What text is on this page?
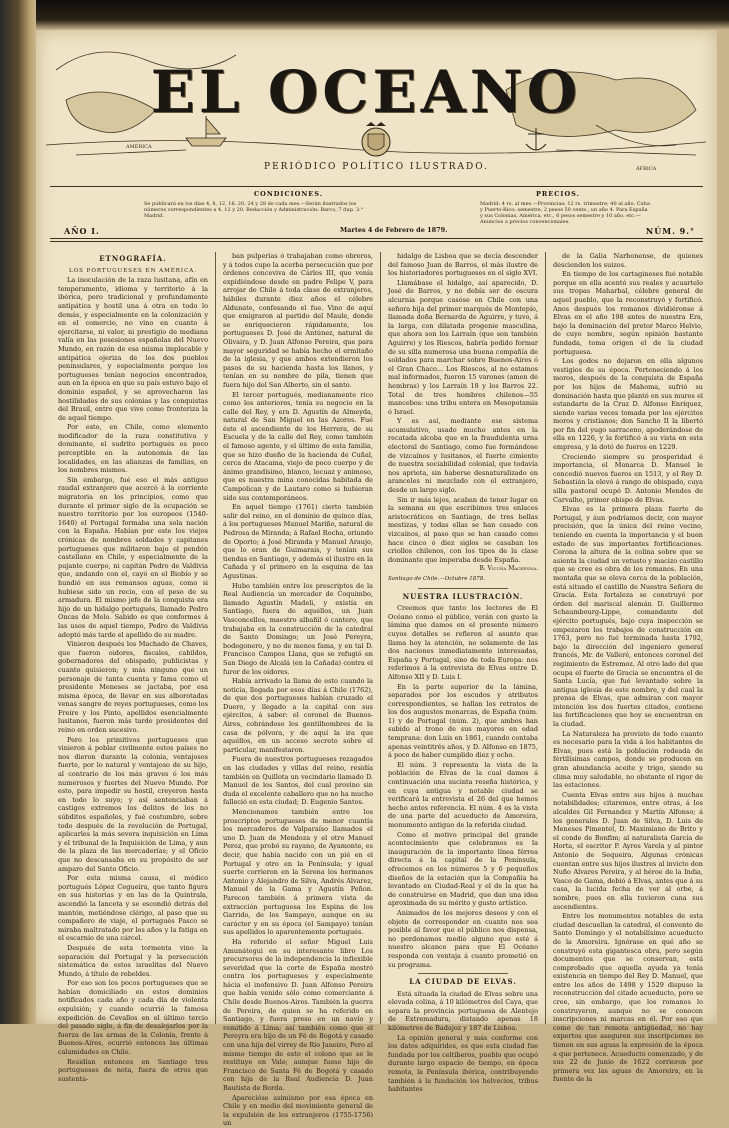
AMÉRICA
ÁFRICA
EL OCEANO
PERIÓDICO POLÍTICO ILUSTRADO.
CONDICIONES.
Se publicará en los días 4, 8, 12, 16, 20, 24 y 28 de cada mes.—Serán ilustrados los números correspondientes a 4, 12 y 20. Redacción y Administración: Barco, 7 dup. 3.° Madrid.
PRECIOS.
Madrid: 4 rs. al mes.—Provincias: 12 rs. trimestre; 40 al año. Cuba y Puerto-Rico: semestre, 2 pesos 50 cents., un año 4. Para España y sus Colonias, América, etc., 6 pesos semestre y 10 año, etc.—Anuncios a precios convencionales.
AÑO I.	Martes 4 de Febrero de 1879.	NÚM. 9.°
ETNOGRAFÍA.

LOS PORTUGUESES EN AMÉRICA.

La inoculación de la raza lusitana, afín en temperamento, idioma y territorio á la ibérica, pero tradicional y profundamente antipática y hostil una á otra en todo lo demás, y especialmente en la colonización y en el comercio, no vino en cuanto á ejercitarse, ni valor, ni prestigio de mediana valía en las posesiones españolas del Nuevo Mundo, en razón de esa misma implacable y antipática ojeriza de los dos pueblos peninsulares, y especialmente porque los portugueses tenían negocios encontrados, aun en la época en que su país estuvo bajo el dominio español, y se aprovecharon las hostilidades de sus colonias y las conquistas del Brasil, entre que vive como fronteriza la de aquel tiempo.

Por esto, en Chile, como elemento modificador de la raza constitutiva y dominante, el sudrito portugués es poco perceptible en la autonomía de las localidades, en las alianzas de familias, en los nombres mismos.

Sin embargo, fué eso el más antiguo raudal extranjero que acercó á la corriente migratoria en los principios, como que durante el primer siglo de la ocupación se nuestro territorio por los europeos (1540-1640) el Portugal formaba una sola nación con la España. Habían por este los viejos crónicas de nombres soldados y capitanes portugueses que militaron bajo el pendón castellano en Chile, y especialmente de la pujante cuerpo, ni capitán Pedro de Valdivia que, andando con el, cayó en el Biobío y se hundió en sus remansos aguas, como si hubiese sido un recio, con el peso de su armadura. El mismo jefe de la conquista era hijo de un hidalgo portugués, llamado Pedro Oncas de Melo. Sabido es que conformes á las usos de aquel tiempo, Pedro de Valdivia adoptó más tarde el apellido de su madre.

Vinieron después los Machado de Chaves, que fueron oidores, fiscales, cabildos, gobernadores del obispado, publicistas y cuanto quisieron; y más ninguno que un personaje de tanta cuenta y fama como el presidente Meneses se jactaba, por esa misma época, de llevar en sus alborotadas venas sangre de reyes portugueses, como los Freire y los Pinto, apellidos esencialmente lusitanos, fueron más tarde presidentes del reino en orden sucesivo.

Pero los primitivos portugueses que vinieron á poblar civilmente estos países no nos dieron durante la colonia, ventajosos fuerte, por lo natural y ventajoso de su hijo, al contrario de los más graves ó los más numerosos y fuertes del Nuevo Mundo. Por esto, para impedir su hostil, creyeron hasta en todo lo suyo; y así sentenciaban á castigos extremos los delitos de los no súbditos españoles, y fué costumbre, sobre todo después de la revolución de Portugal, aplicarles la más severa inquisición en Lima y el tribunal de la Inquisición de Lima, y aun de la plaza de las mercaderías; y el Oficio que no descansaba en su propósito de ser amparo del Santo Oficio.

Por esta misma causa, el médico portugués López Cegueira, que tanto figura en sus historias y en las de la Quintrala, ascendió la lanceta y se escondió detrás del mantón, metiéndose clérigo, al paso que su compañero de viaje, el portugués Pasco se miraba maltratado por los años y la fatiga en el escarnio de una cárcel.

Después de esta tormenta vino la separación del Portugal y la persecución sistemática de estos israelitas del Nuevo Mundo, á título de rebeldes.

Por eso son los pocos portugueses que se habían domiciliado en estos dominios notificados cada año y cada día de violenta expulsión; y cuando ocurrió la famosa expedición de Cevallos en el último tercio del pasado siglo, á fin de desalojarlos por la fuerza de las armas de la Colonia, frente á Buenos-Aires, ocurrió entonces las últimas calamidades en Chile.

Residían entonces en Santiago tres portugueses de nota, fuera de otros que sustenta-

ban pulperías ó trabajaban como obreros, y á todos cupo la acerba persecución que por órdenes conceviva de Cárlos III, que venía expidiéndose desde en padre Felipe V, para arrojar de Chile á toda clase de extranjeros, hábiles durante diez años el célebre Aldunate, confesando el fue. Vino de aquí que emigraron al partido del Maule, donde se enriquecieron rápidamente, los portugueses D. José de Antúnez, natural de Olivaira, y D. Juan Alfonso Pereira, que para mayor seguridad se había hecho el ermitaño de la iglesia, y que ambos extendieron los pasos de su hacienda hasta los llanos, y tenían en su nombre de pila, tienen que fuera hijo del San Alberto, sin el santo.

El tercer portugués, medianamente rico como los anteriores, tenía su negocio en la calle del Rey, y era D. Agustín de Almeyda, natural de San Miguel en las Azores. Fué éste el ascendiente de los Herrera, de su Escuela y de la calle del Rey, como también el famoso agente, y el último de esta familia, que se hizo dueño de la hacienda de Cuñal, cerca de Atacama, viejo de poco cuerpo y de ánimo grandísimo, blanco, locuaz y animoso, que es nuestra mina conocidas habitada de Campolican y de Lautaro como si hubieran sido sus contemporáneos.

En aquel tiempo (1761) cierto también salir del reino, en el dominio de quince días, á los portugueses Manuel Mariño, natural de Pedrosa de Miranda; á Rafael Rocha, oriundo de Oporto; á José Miranda y Manuel Araujo, que lo eran de Guimarais, y tenían sus tiendas en Santiago, y además el ilustre en la Cañada y el primero en la esquina de las Agustinas.

Hubo también entre los prescriptos de la Real Audiencia un mercader de Coquimbo, llamado Agustín Madeli, y existía en Santiago, fuera de aquéllos, un Juan Vasconcellos, maestro albañil ó cantero, que trabajaba en la construcción de la catedral de Santo Domingo; un José Pereyra, bodegonero, y no de menos fama, y en tal D. Francisco Campos Llana, que se refugió en San Diego de Alcalá (en la Cañada) contra el furor de los oidores.

Había arrivado la llama de esto cuando la noticia, llegada por esos días á Chile (1762), de que dos portugueses habían cruzado el Duero, y llegado a la capital con sus ejércitos, á saber: el coronel de Buenos-Aires, cobrándose los gentilhombres de la casa de pólvora, y de aquí la ira que aquéllos, en un acceso secreto sobre el particular, manifestaron.

Fuera de nuestros portugueses rezagados en las ciudades y villas del reino, residía también en Quillota un vecindario llamado D. Manuel de los Santos, del cual provino sin duda el excelente caballero que no ha mucho falleció en esta ciudad; D. Eugenio Santos.

Mencionamos también entre los proscriptos portugueses de menor cuantía los mercaderes de Valparaíso llamados el uno D. Juan de Mendoza y el otro Manuel Perez, que probó su rayano, de Ayamonte, es decir, que había nacido con un pié en el Portugal y otro en la Península; y igual suerte corrieron en la Serena los hermanos Antonio y Alejandro de Silva, Andrés Alvarez, Manuel de la Gama y Agustín Peñon. Parecen también á primera vista de extracción portuguesa los Espina de los Garrido, de los Sampayo, aunque en su carácter y en su época (el Sampayo) tenían sus apellidos lo aparentemente portugués.

Ha referido el señor Miguel Luis Amunátegui en su interesante libro Los precursores de la independencia la inflexible severidad que la corte de España mostró contra los portugueses y especialmente hácia el inofensivo D. Juan Alfonso Pereira que había venido sólo como comerciante á Chile desde Buenos-Aires. También la guerra de Pereira, de quien se ha referido en Santiago, y fuera preso en un navío y remitido á Lima; así también como que el Pereyra era hijo de un Fé de Bogotá y casado con una hija del virrey de Río Janeiro, Pero al mismo tiempo de esto el colono que se le restituye en Vale; aunque fuese hijo de Francisco de Santa Fé de Bogotá y casado con hija de la Real Audiencia D. Juan Bautista de Borda.

Aparecióse asimismo por esa época en Chile y en medio del movimiento general de la expulsión de los extranjeros (1755-1756) un

hidalgo de Lisboa que se decía descender del famoso Juan de Barros, el más ilustre de los historiadores portugueses en el siglo XVI.

Llamábase el hidalgo, así aparecido, D. José de Barros, y no debía ser de oscura alcurnia porque casóse en Chile con una señora hija del primer marqués de Montepío, llamada doña Bernarda de Aguirre, y tuvo, á la larga, con dilatada progenie masculina, que ahora son los Larraín (que son también Aguirre) y los Riescos, habría podido formar de su silla numerosa una buena compañía de soldados para marchar sobre Buenos-Aires ó el Gran Chaco... Los Riescos, al no estamos mal informados, fueron 15 varones (amen de hembras) y los Larraín 18 y los Barros 22. Total de tres hombres chilenos—55 mancebos: una tribu entera en Mesopotamia ó Israel.

Y es así, mediante ese sistema acumulativo, usado mucho antes en la recatada alcoba que en la fraudulenta urna electoral de Santiago, como fue formándose de vizcaínos y lusitanos, el fuerte cimiento de nuestra sociabilidad colonial, que todavía nos aprieta, sin haberse desnaturalizado en aranceles ni mezclado con el extranjero, desde un largo siglo.

Sin ir más lejos, acaban de tener lugar en la semana en que escribimos tres enlaces aristocráticos en Santiago, de tres bellas mestizas, y todas ellas se han casado con vizcaínos, al paso que se han casado como hace cinco ó diez siglos se casaban los criollos chilenos, con los tipos de la clase dominante que imperaba desde España.

B. Vicuña Mackenna.

Santiago de Chile.—Octubre 1878.

NUESTRA ILUSTRACIÓN.

Creemos que tanto los lectores de El Océano como el público, verán con gusto la lámina que damos en el presente número cuyos detalles se refieren al asunto que llama hoy la atención, no solamente de las dos naciones inmediatamente interesadas, España y Portugal, sino de toda Europa: nos referimos á la entrevista de Elvas entre D. Alfonso XII y D. Luis I.

En la parte superior de la lámina, separados por los escudos y atributos correspondientes, se hallan los retratos de los dos augustos monarcas, de España (núm. 1) y de Portugal (núm. 2), que ambos han subido al trono de sus mayores en edad temprana: don Luis en 1861, cuando contaba apenas veintitrés años, y D. Alfonso en 1875, á poco de haber cumplido diez y ocho.

El núm. 3 representa la vista de la población de Elvas de la cual damos á continuación una sucinta reseña histórica, y en cuya antigua y notable ciudad se verificará la entrevista el 26 del que hemos hecho antes referencia. El núm. 4 es la vista de una parte del acueducto de Amoreira, monumento antiguo de la referida ciudad.

Como el motivo principal del grande acontecimiento que celebramos es la inauguración de la importante línea férrea directa á la capital de la Península, ofrecemos en los números 5 y 6 pequeños diseños de la estación que la Compañía ha levantado en Ciudad-Real y el de la que ha de construirse en Madrid, que dan una idea aproximada de su mérito y gusto artístico.

Animados de los mejores deseos y con el objeto de corresponder en cuanto nos sea posible al favor que el público nos dispensa, no perdonamos medio alguno que esté á nuestro alcance para que El Océano responda con ventaja á cuanto prometió en su programa.

LA CIUDAD DE ELVAS.

Está situada la ciudad de Elvas sobre una elevada colina, á 10 kilómetros del Caya, que separa la provincia portuguesa de Alentejo de Extremadura, distando apenas 18 kilómetros de Badajoz y 187 de Lisboa.

La opinión general y más conforme con los datos adquiridos, es que esta ciudad fue fundada por los celtíberos, pueblo que ocupó durante largo espacio de tiempo, en época remota, la Península ibérica, contribuyendo también á la fundación los helvecios, tribus habitantes

de la Galia Narbonense, de quienes descienden los suizos.

En tiempo de los cartagineses fué notable porque en ella acentó sus reales y acuartelo sus tropas Maharbal, célebre general de aquel pueblo, que la reconstruyó y fortificó. Anos después los romanos dividiéronse á Elvas en el año 198 antes de nuestra Era, bajo la dominación del pretor Marco Helvio, de cuyo nombre, según opinión bastante fundada, toma origen el de la ciudad portuguesa.

Los godos no dejaron en ella algunos vestigios de su época. Perteneciendo á los moros, después de la conquista de España por los hijos de Mahoma, sufrió su dominación hasta que plantó en sus muros el estandarte de la Cruz D. Alfonso Enríquez, siendo varias veces tomada por los ejércitos moros y cristianos; don Sancho II la libertó por fin del yugo sarraceno, apoderándose de ella en 1226, y la fortificó á su vista en esta empresa, y la dotó de fueros en 1229.

Creciendo siempre su prosperidad é importancia, el Monarca D. Manuel le concedió nuevos fueros en 1513, y el Rey D. Sebastián la elevó á rango de obispado, cuya silla pastoral ocupó D. Antonio Mendes de Carvalho, primer obispo de Elvas.

Elvas es la primera plaza fuerte de Portugal, y áun podríamos decir, con mayor precisión, que la única del reino vecino, teniendo en cuenta la importancia y el buen estado de sus importantes fortificaciones. Corona la altura de la colina sobre que se asienta la ciudad un vetusto y macizo castillo que se cree es obra de los romanos. En una montaña que se eleva cerca de la población, está situado el castillo de Nuestra Señora de Gracia. Esta fortaleza se construyó por órden del mariscal alemán D. Guillermo Schaumbourg-Lippe, comandante del ejército portugués, bajo cuya inspección se empezaron los trabajos de construcción en 1763, pero no fué terminada hasta 1792, bajo la dirección del ingeniero general francés, Mr. de Valleré, entonces coronel del regimiento de Estremoz. Al otro lado del que ocupa el fuerte de Gracia se encuentra el de Santa Lucía, que fué levantado sobre la antigua iglesia de este nombre, y del cual la prensa de Elvas, que admiran con mayor intención los dos fuertes citados, contiene las fortificaciones que hoy se encuentran en la ciudad.

La Naturaleza ha provisto de todo cuanto es necesario para la vida á los habitantes de Elvas, pues está la población rodeada de fértilísimas campos, donde se producen en gran abundancia aceite y trigo, siendo su clima muy saludable, no obstante el rigor de las estaciones.

Cuenta Elvas entre sus hijos á muchas notabilidades; citaremos, entre otras, á los alcaldes Gil Fernandez y Martín Alfonso; á los generales D. Juan de Silva, D. Luis de Meneses Pimentel, D. Maximiano de Brito y el conde de Bonfim; al naturalista García de Horta, el escritor P. Ayres Varela y al pintor Antonio de Sequeira. Algunas crónicas cuentan entre sus hijos ilustres al invicto don Nuño Alvares Pereira, y al héroe de la India, Vasco de Gama, debió á Elvas, antes que á su casa, la lucida fecha de ver al orbe, á nombre, pues en ella tuvieron cuna sus ascendientes.

Entre los monumentos notables de esta ciudad descuellan la catedral, el convento de Santo Domingo y el notabilísimo acueducto de la Amoreira. Ignórase en qué año se construyó esta gigantesca obra, pero según documentos que se conservan, está comprobado que aquella ayuda ya tenía existencia en tiempo del Rey D. Manuel, que entre los años de 1498 y 1529 dispuso la reconstrucción del citado acueducto, pero se cree, sin embargo, que los romanos lo construyeron, aunque no se conocen inscripciones ni marcas en él. Por eso que como de tan remota antigüedad, no hay expertos que aseguren sus inscripciones no tienen en sus aguas la expresión de la época a que pertenece. Acueducto comenzado, y de sus 22 de Junio de 1622 corrieron por primera vez las aguas de Amoreira, en la fuente de la
